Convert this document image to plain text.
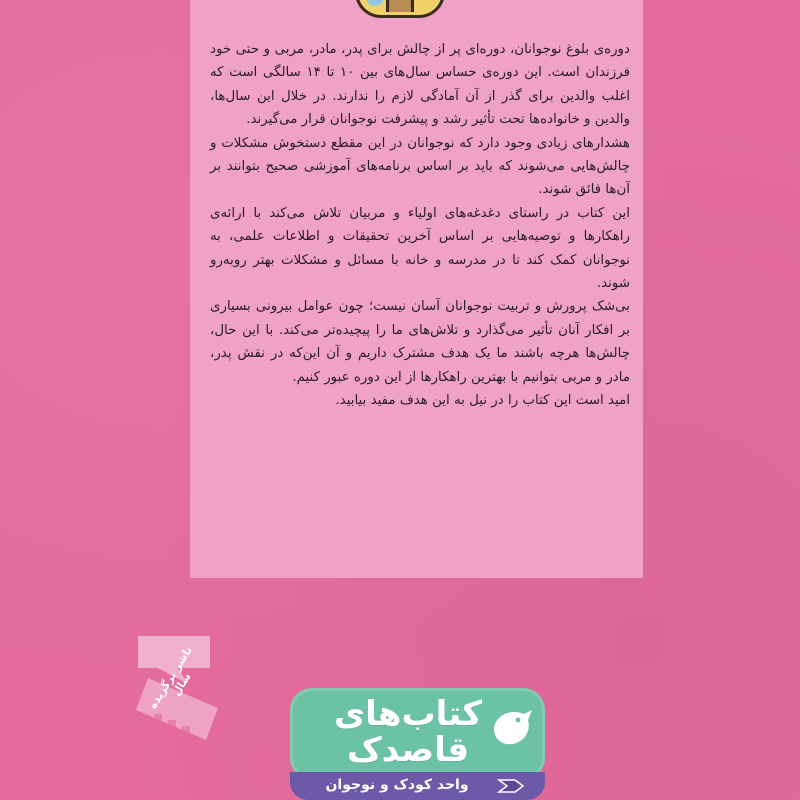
دوره‌ی بلوغ نوجوانان، دوره‌ای پر از چالش برای پدر، مادر، مربی و حتی خود فرزندان است. این دوره‌ی حساس سال‌های بین ۱۰ تا ۱۴ سالگی است که اغلب والدین برای گذر از آن آمادگی لازم را ندارند. در خلال این سال‌ها، والدین و خانواده‌ها تحت تأثیر رشد و پیشرفت نوجوانان قرار می‌گیرند.

هشدارهای زیادی وجود دارد که نوجوانان در این مقطع دستخوش مشکلات و چالش‌هایی می‌شوند که باید بر اساس برنامه‌های آموزشی صحیح بتوانند بر آن‌ها فائق شوند.

این کتاب در راستای دغدغه‌های اولیاء و مربیان تلاش می‌کند با ارائه‌ی راهکارها و توصیه‌هایی بر اساس آخرین تحقیقات و اطلاعات علمی، به نوجوانان کمک کند تا در مدرسه و خانه با مسائل و مشکلات بهتر روبه‌رو شوند.

بی‌شک پرورش و تربیت نوجوانان آسان نیست؛ چون عوامل بیرونی بسیاری بر افکار آنان تأثیر می‌گذارد و تلاش‌های ما را پیچیده‌تر می‌کند. با این حال، چالش‌ها هرچه باشند ما یک هدف مشترک داریم و آن این‌که در نقش پدر، مادر و مربی بتوانیم با بهترین راهکارها از این دوره عبور کنیم.

امید است این کتاب را در نیل به این هدف مفید بیابید.

ناشر برگزیده سال
کتاب‌های
قاصدک
واحد کودک و نوجوان
